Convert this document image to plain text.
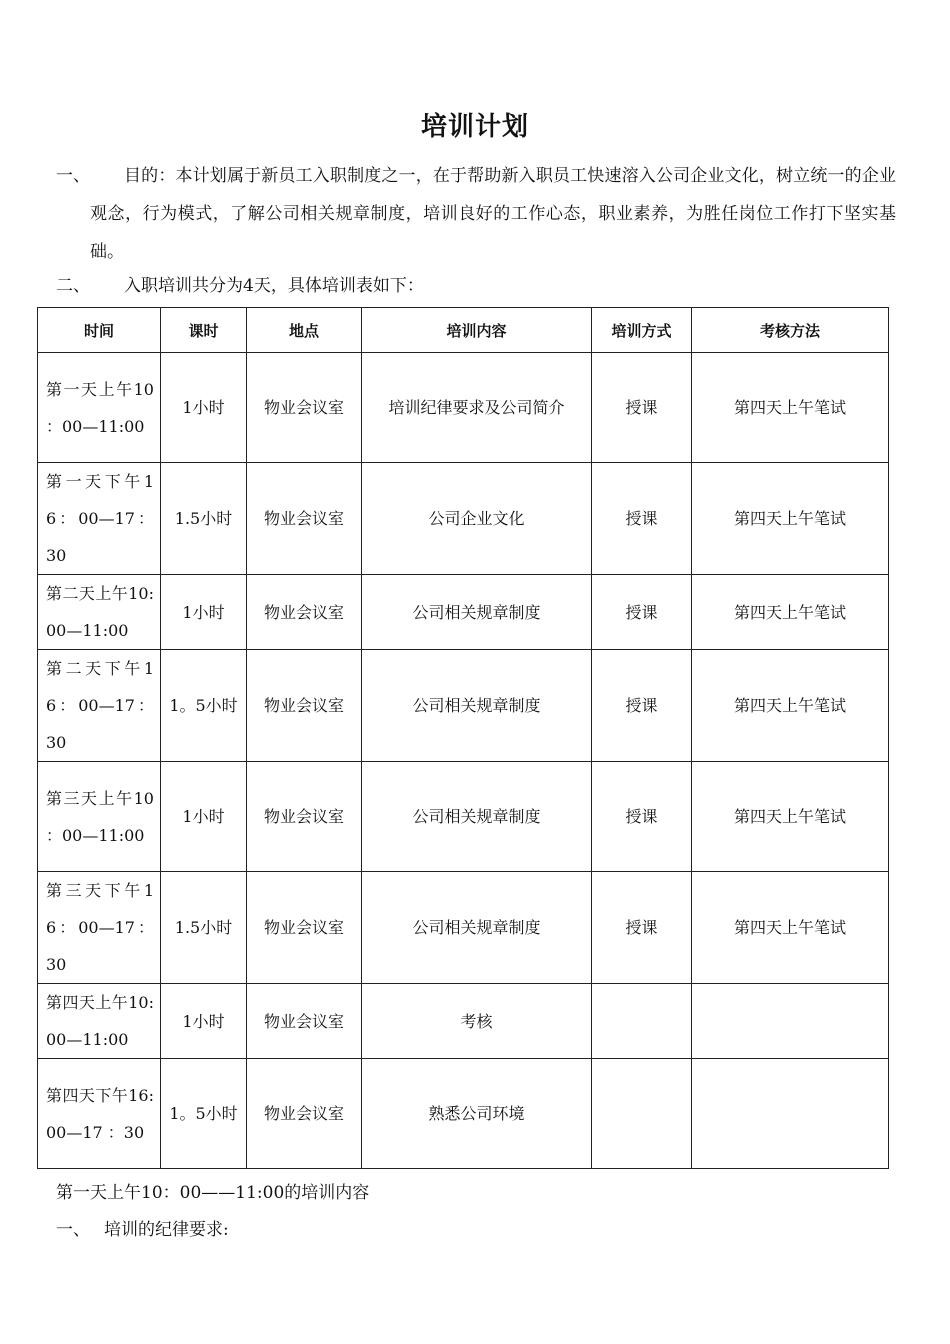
培训计划
一、	目的：本计划属于新员工入职制度之一，在于帮助新入职员工快速溶入公司企业文化，树立统一的企业观念，行为模式，了解公司相关规章制度，培训良好的工作心态，职业素养，为胜任岗位工作打下坚实基础。
二、	入职培训共分为4天，具体培训表如下：
时间	课时	地点	培训内容	培训方式	考核方法
第一天上午10 ：00—11:00	1小时	物业会议室	培训纪律要求及公司简介	授课	第四天上午笔试
第一天下午16：00—17：30	1.5小时	物业会议室	公司企业文化	授课	第四天上午笔试
第二天上午10:00—11:00	1小时	物业会议室	公司相关规章制度	授课	第四天上午笔试
第二天下午16：00—17：30	1。5小时	物业会议室	公司相关规章制度	授课	第四天上午笔试
第三天上午10 ：00—11:00	1小时	物业会议室	公司相关规章制度	授课	第四天上午笔试
第三天下午16：00—17：30	1.5小时	物业会议室	公司相关规章制度	授课	第四天上午笔试
第四天上午10:00—11:00	1小时	物业会议室	考核		
第四天下午16:00—17 ：30	1。5小时	物业会议室	熟悉公司环境		
第一天上午10：00——11:00的培训内容
一、 培训的纪律要求:
